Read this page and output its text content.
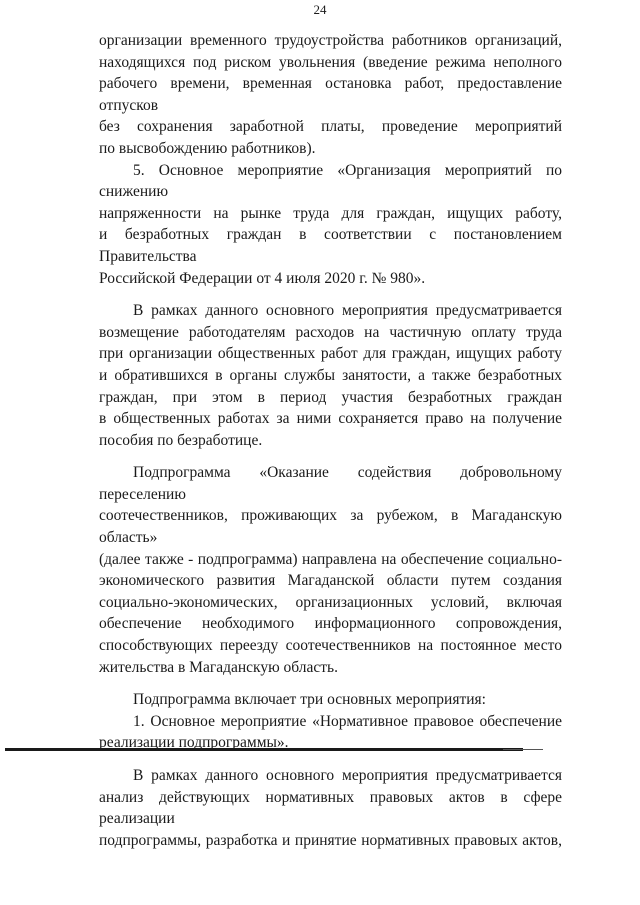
24

организации временного трудоустройства работников организаций,

находящихся под риском увольнения (введение режима неполного

рабочего времени, временная остановка работ, предоставление отпусков

без сохранения заработной платы, проведение мероприятий

по высвобождению работников).

5. Основное мероприятие «Организация мероприятий по снижению

напряженности на рынке труда для граждан, ищущих работу,

и безработных граждан в соответствии с постановлением Правительства

Российской Федерации от 4 июля 2020 г. № 980».

В рамках данного основного мероприятия предусматривается

возмещение работодателям расходов на частичную оплату труда

при организации общественных работ для граждан, ищущих работу

и обратившихся в органы службы занятости, а также безработных

граждан, при этом в период участия безработных граждан

в общественных работах за ними сохраняется право на получение

пособия по безработице.

Подпрограмма «Оказание содействия добровольному переселению

соотечественников, проживающих за рубежом, в Магаданскую область»

(далее также - подпрограмма) направлена на обеспечение социально-

экономического развития Магаданской области путем создания

социально-экономических, организационных условий, включая

обеспечение необходимого информационного сопровождения,

способствующих переезду соотечественников на постоянное место

жительства в Магаданскую область.

Подпрограмма включает три основных мероприятия:

1. Основное мероприятие «Нормативное правовое обеспечение

реализации подпрограммы».

В рамках данного основного мероприятия предусматривается

анализ действующих нормативных правовых актов в сфере реализации

подпрограммы, разработка и принятие нормативных правовых актов,
